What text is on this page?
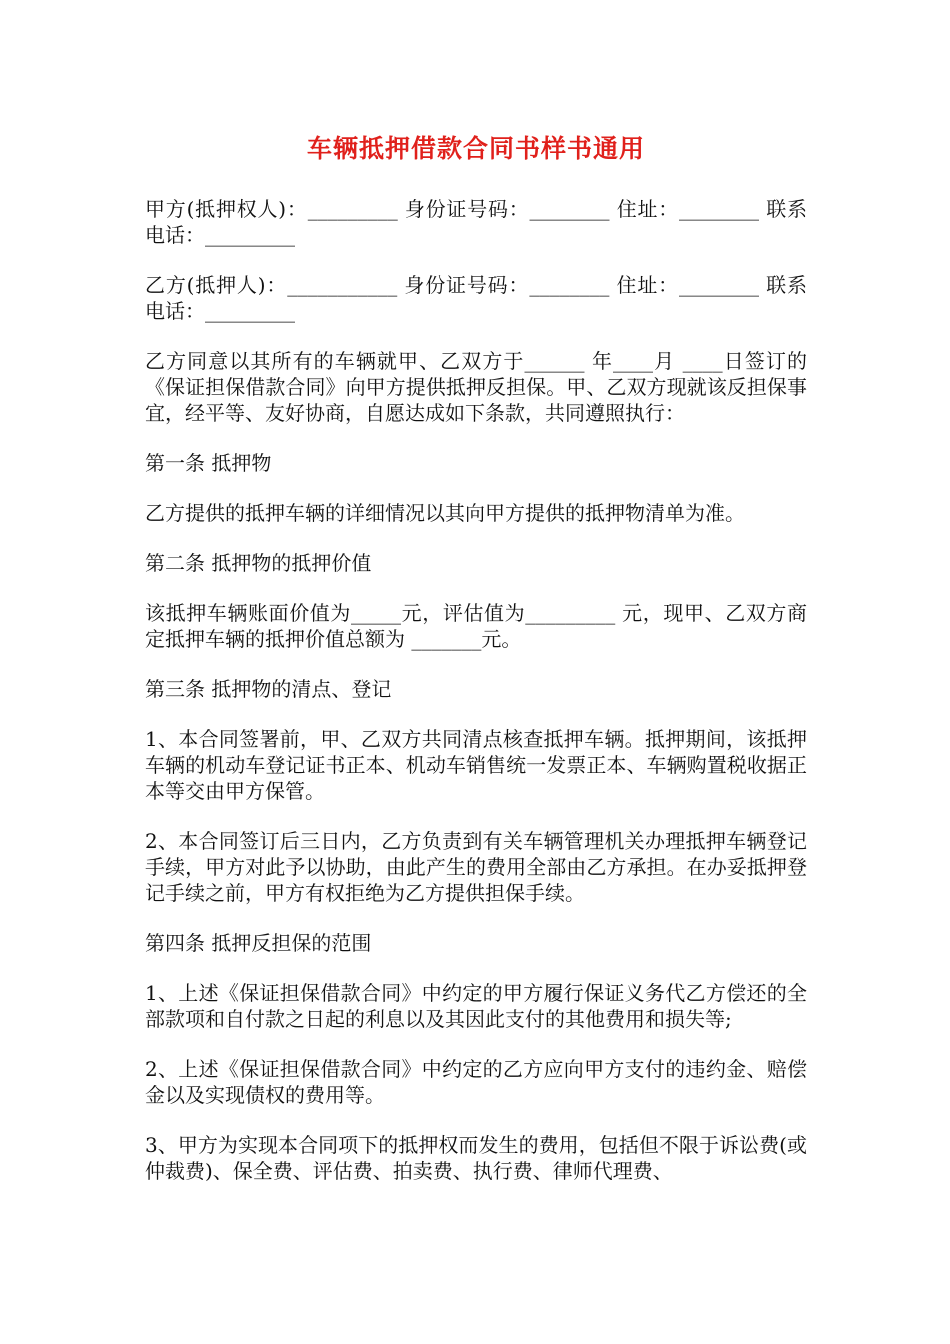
车辆抵押借款合同书样书通用

甲方(抵押权人)：_________ 身份证号码：________ 住址：________ 联系电话：_________

乙方(抵押人)：___________ 身份证号码：________ 住址：________ 联系电话：_________

乙方同意以其所有的车辆就甲、乙双方于______ 年____月 ____日签订的《保证担保借款合同》向甲方提供抵押反担保。甲、乙双方现就该反担保事宜，经平等、友好协商，自愿达成如下条款，共同遵照执行：

第一条 抵押物

乙方提供的抵押车辆的详细情况以其向甲方提供的抵押物清单为准。

第二条 抵押物的抵押价值

该抵押车辆账面价值为_____元，评估值为_________ 元，现甲、乙双方商定抵押车辆的抵押价值总额为 _______元。

第三条 抵押物的清点、登记

1、本合同签署前，甲、乙双方共同清点核查抵押车辆。抵押期间，该抵押车辆的机动车登记证书正本、机动车销售统一发票正本、车辆购置税收据正本等交由甲方保管。

2、本合同签订后三日内，乙方负责到有关车辆管理机关办理抵押车辆登记手续，甲方对此予以协助，由此产生的费用全部由乙方承担。在办妥抵押登记手续之前，甲方有权拒绝为乙方提供担保手续。

第四条 抵押反担保的范围

1、上述《保证担保借款合同》中约定的甲方履行保证义务代乙方偿还的全部款项和自付款之日起的利息以及其因此支付的其他费用和损失等;

2、上述《保证担保借款合同》中约定的乙方应向甲方支付的违约金、赔偿金以及实现债权的费用等。

3、甲方为实现本合同项下的抵押权而发生的费用，包括但不限于诉讼费(或仲裁费)、保全费、评估费、拍卖费、执行费、律师代理费、
